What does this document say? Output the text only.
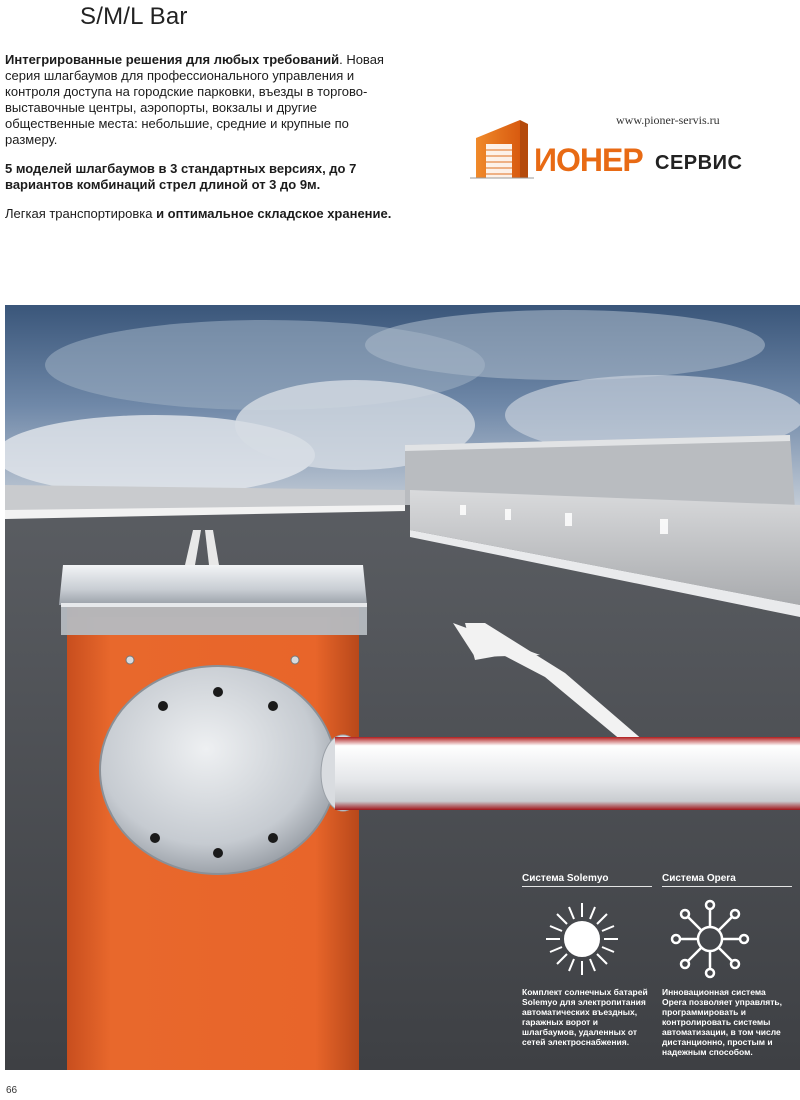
S/M/L Bar

Интегрированные решения для любых требований. Новая серия шлагбаумов для профессионального управления и контроля доступа на городские парковки, въезды в торгово-выставочные центры, аэропорты, вокзалы и другие общественные места: небольшие, средние и крупные по размеру.

5 моделей шлагбаумов в 3 стандартных версиях, до 7 вариантов комбинаций стрел длиной от 3 до 9м.

Легкая транспортировка и оптимальное складское хранение.

www.pioner-servis.ru
ИОНЕР СЕРВИС
Система Solemyo
Комплект солнечных батарей Solemyo для электропитания автоматических въездных, гаражных ворот и шлагбаумов, удаленных от сетей электроснабжения.
Система Opera
Инновационная система Opera позволяет управлять, программировать и контролировать системы автоматизации, в том числе дистанционно, простым и надежным способом.
66
